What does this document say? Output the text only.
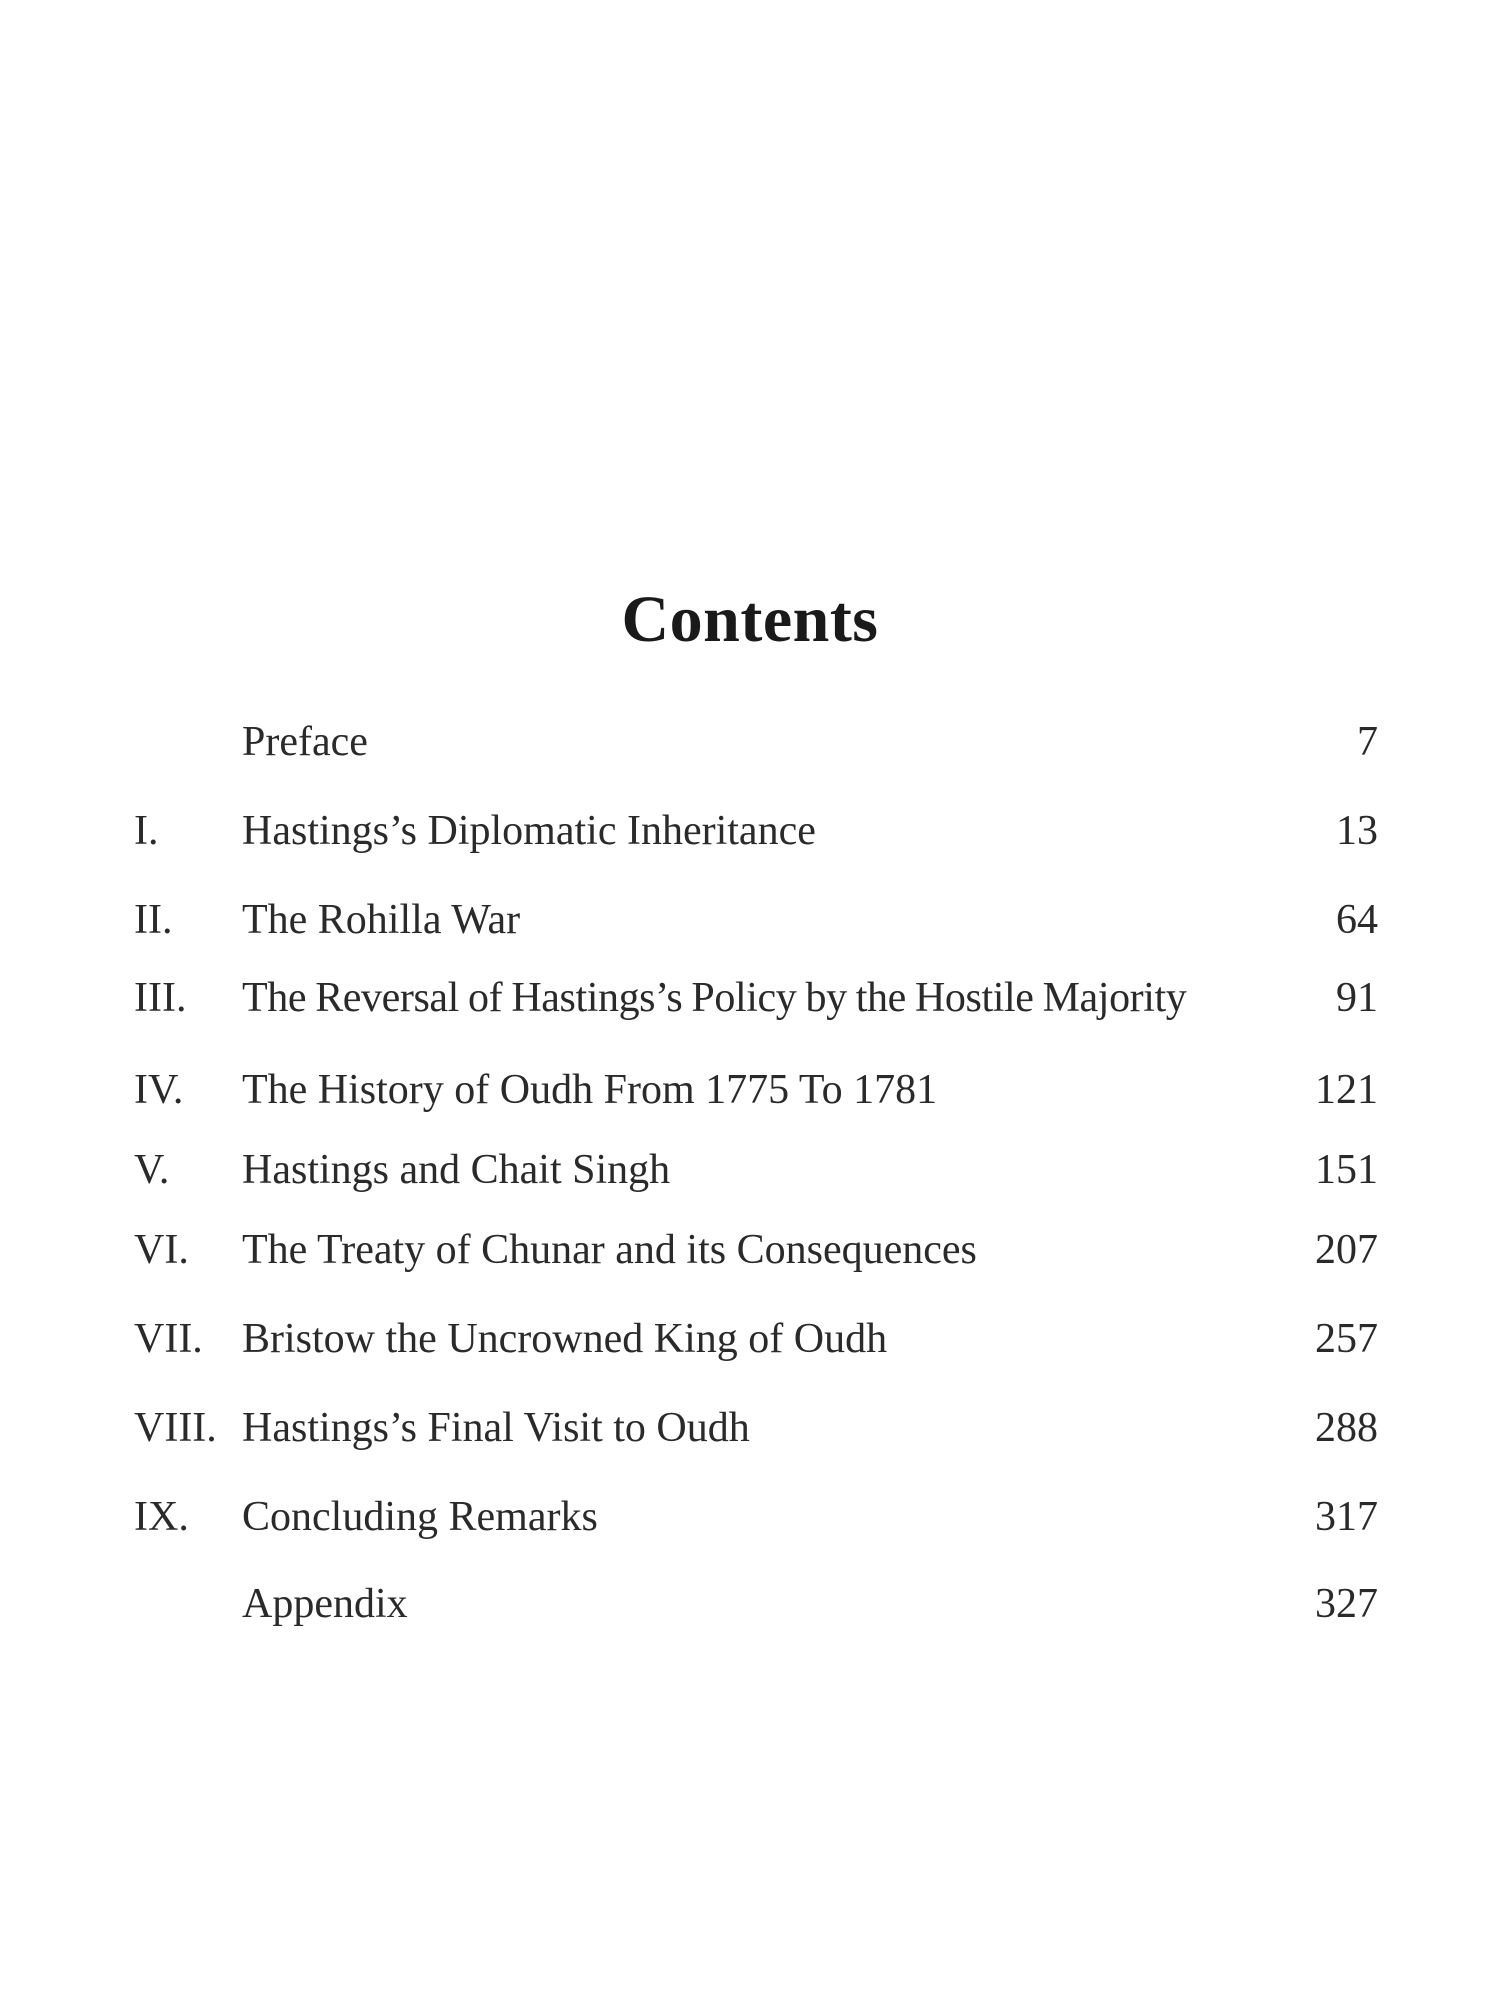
Contents
Preface	7
I. Hastings’s Diplomatic Inheritance	13
II. The Rohilla War	64
III. The Reversal of Hastings’s Policy by the Hostile Majority	91
IV. The History of Oudh From 1775 To 1781	121
V. Hastings and Chait Singh	151
VI. The Treaty of Chunar and its Consequences	207
VII. Bristow the Uncrowned King of Oudh	257
VIII. Hastings’s Final Visit to Oudh	288
IX. Concluding Remarks	317
Appendix	327
